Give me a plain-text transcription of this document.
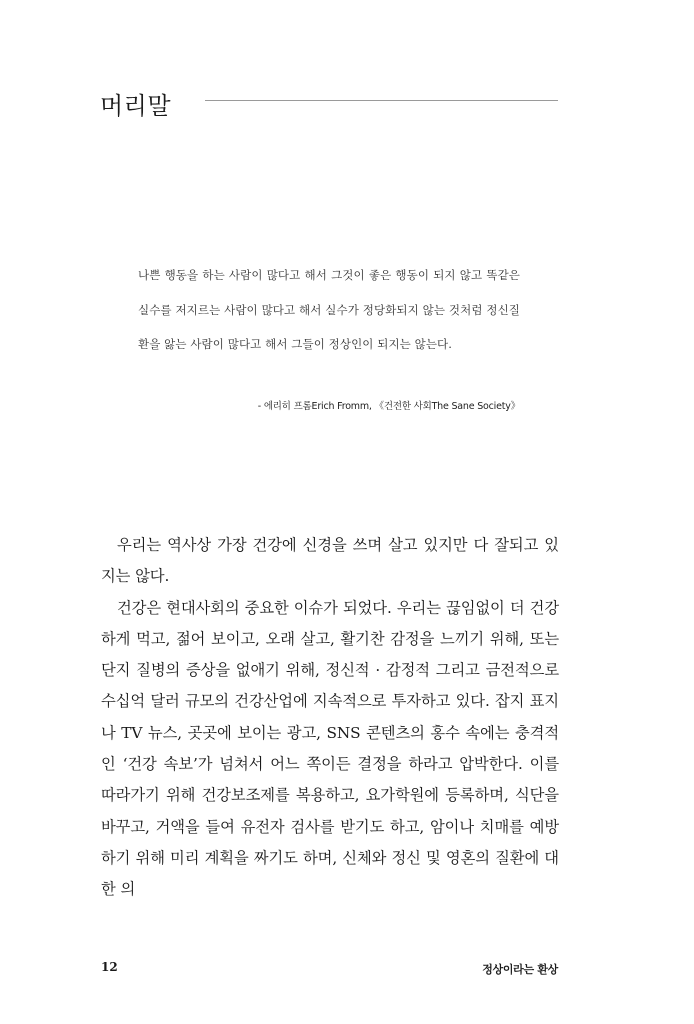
머리말

나쁜 행동을 하는 사람이 많다고 해서 그것이 좋은 행동이 되지 않고 똑같은 실수를 저지르는 사람이 많다고 해서 실수가 정당화되지 않는 것처럼 정신질환을 앓는 사람이 많다고 해서 그들이 정상인이 되지는 않는다.

- 에리히 프롬Erich Fromm, 《건전한 사회The Sane Society》

우리는 역사상 가장 건강에 신경을 쓰며 살고 있지만 다 잘되고 있지는 않다.

건강은 현대사회의 중요한 이슈가 되었다. 우리는 끊임없이 더 건강하게 먹고, 젊어 보이고, 오래 살고, 활기찬 감정을 느끼기 위해, 또는 단지 질병의 증상을 없애기 위해, 정신적 · 감정적 그리고 금전적으로 수십억 달러 규모의 건강산업에 지속적으로 투자하고 있다. 잡지 표지나 TV 뉴스, 곳곳에 보이는 광고, SNS 콘텐츠의 홍수 속에는 충격적인 ‘건강 속보’가 넘쳐서 어느 쪽이든 결정을 하라고 압박한다. 이를 따라가기 위해 건강보조제를 복용하고, 요가학원에 등록하며, 식단을 바꾸고, 거액을 들여 유전자 검사를 받기도 하고, 암이나 치매를 예방하기 위해 미리 계획을 짜기도 하며, 신체와 정신 및 영혼의 질환에 대한 의

12	정상이라는 환상
